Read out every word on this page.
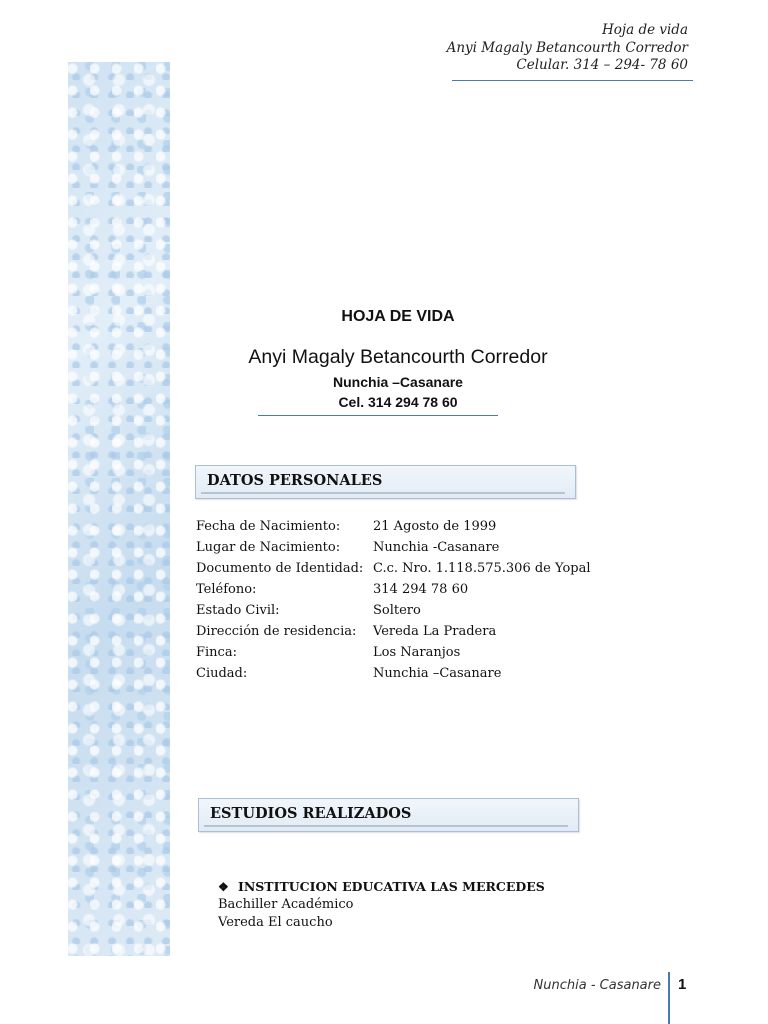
Hoja de vida
Anyi Magaly Betancourth Corredor
Celular. 314 – 294- 78 60
HOJA DE VIDA
Anyi Magaly Betancourth Corredor
Nunchia –Casanare
Cel. 314 294 78 60
DATOS PERSONALES
Fecha de Nacimiento:	21 Agosto de 1999
Lugar de Nacimiento:	Nunchia -Casanare
Documento de Identidad: C.c. Nro. 1.118.575.306 de Yopal
Teléfono:	314 294 78 60
Estado Civil:	Soltero
Dirección de residencia: Vereda La Pradera
Finca:	Los Naranjos
Ciudad:	Nunchia –Casanare
ESTUDIOS REALIZADOS
❖ INSTITUCION EDUCATIVA LAS MERCEDES
Bachiller Académico
Vereda El caucho
Nunchia - Casanare 1
